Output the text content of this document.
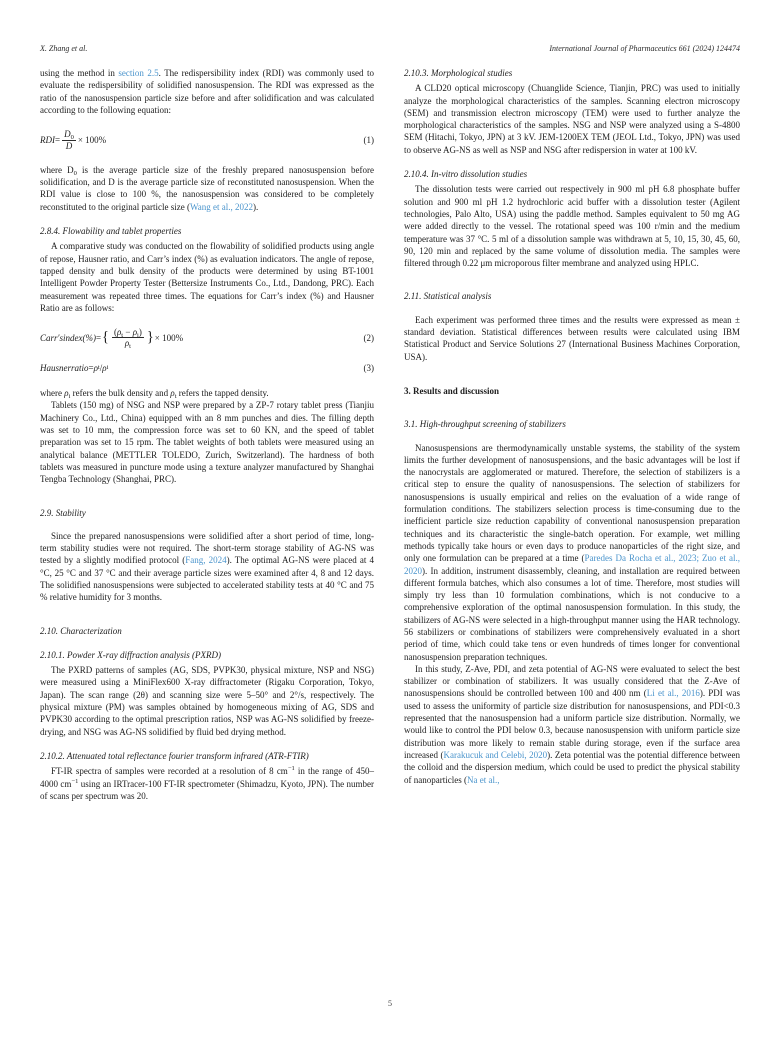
X. Zhang et al.	International Journal of Pharmaceutics 661 (2024) 124474

using the method in section 2.5. The redispersibility index (RDI) was commonly used to evaluate the redispersibility of solidified nanosuspension. The RDI was expressed as the ratio of the nanosuspension particle size before and after solidification and was calculated according to the following equation:

RDI = $\frac{D_0}{D} \times 100\%$	(1)

where $D_0$ is the average particle size of the freshly prepared nanosuspension before solidification, and D is the average particle size of reconstituted nanosuspension. When the RDI value is close to 100 %, the nanosuspension was considered to be completely reconstituted to the original particle size (Wang et al., 2022).

2.8.4. Flowability and tablet properties

A comparative study was conducted on the flowability of solidified products using angle of repose, Hausner ratio, and Carr’s index (%) as evaluation indicators. The angle of repose, tapped density and bulk density of the products were determined by using BT-1001 Intelligent Powder Property Tester (Bettersize Instruments Co., Ltd., Dandong, PRC). Each measurement was repeated three times. The equations for Carr’s index (%) and Hausner Ratio are as follows:

Carr′sindex(%) = { $\frac{(\rho_t - \rho_i)}{\rho_t}$ } × 100%	(2)
Hausnerratio = ρ t / ρ i	(3)

where $\rho_i$ refers the bulk density and $\rho_t$ refers the tapped density.

Tablets (150 mg) of NSG and NSP were prepared by a ZP-7 rotary tablet press (Tianjiu Machinery Co., Ltd., China) equipped with an 8 mm punches and dies. The filling depth was set to 10 mm, the compression force was set to 60 KN, and the speed of tablet preparation was set to 15 rpm. The tablet weights of both tablets were measured using an analytical balance (METTLER TOLEDO, Zurich, Switzerland). The hardness of both tablets was measured in puncture mode using a texture analyzer manufactured by Shanghai Tengba Technology (Shanghai, PRC).

2.9. Stability

Since the prepared nanosuspensions were solidified after a short period of time, long-term stability studies were not required. The short-term storage stability of AG-NS was tested by a slightly modified protocol (Fang, 2024). The optimal AG-NS were placed at 4 °C, 25 °C and 37 °C and their average particle sizes were examined after 4, 8 and 12 days. The solidified nanosuspensions were subjected to accelerated stability tests at 40 °C and 75 % relative humidity for 3 months.

2.10. Characterization
2.10.1. Powder X-ray diffraction analysis (PXRD)

The PXRD patterns of samples (AG, SDS, PVPK30, physical mixture, NSP and NSG) were measured using a MiniFlex600 X-ray diffractometer (Rigaku Corporation, Tokyo, Japan). The scan range (2θ) and scanning size were 5–50° and 2°/s, respectively. The physical mixture (PM) was samples obtained by homogeneous mixing of AG, SDS and PVPK30 according to the optimal prescription ratios, NSP was AG-NS solidified by freeze-drying, and NSG was AG-NS solidified by fluid bed drying method.

2.10.2. Attenuated total reflectance fourier transform infrared (ATR-FTIR)

FT-IR spectra of samples were recorded at a resolution of 8 $cm^{-1}$ in the range of 450–4000 $cm^{-1}$ using an IRTracer-100 FT-IR spectrometer (Shimadzu, Kyoto, JPN). The number of scans per spectrum was 20.

2.10.3. Morphological studies

A CLD20 optical microscopy (Chuanglide Science, Tianjin, PRC) was used to initially analyze the morphological characteristics of the samples. Scanning electron microscopy (SEM) and transmission electron microscopy (TEM) were used to further analyze the morphological characteristics of the samples. NSG and NSP were analyzed using a S-4800 SEM (Hitachi, Tokyo, JPN) at 3 kV. JEM-1200EX TEM (JEOL Ltd., Tokyo, JPN) was used to observe AG-NS as well as NSP and NSG after redispersion in water at 100 kV.

2.10.4. In-vitro dissolution studies

The dissolution tests were carried out respectively in 900 ml pH 6.8 phosphate buffer solution and 900 ml pH 1.2 hydrochloric acid buffer with a dissolution tester (Agilent technologies, Palo Alto, USA) using the paddle method. Samples equivalent to 50 mg AG were added directly to the vessel. The rotational speed was 100 r/min and the medium temperature was 37 °C. 5 ml of a dissolution sample was withdrawn at 5, 10, 15, 30, 45, 60, 90, 120 min and replaced by the same volume of dissolution media. The samples were filtered through 0.22 μm microporous filter membrane and analyzed using HPLC.

2.11. Statistical analysis

Each experiment was performed three times and the results were expressed as mean ± standard deviation. Statistical differences between results were calculated using IBM Statistical Product and Service Solutions 27 (International Business Machines Corporation, USA).

3. Results and discussion
3.1. High-throughput screening of stabilizers

Nanosuspensions are thermodynamically unstable systems, the stability of the system limits the further development of nanosuspensions, and the basic advantages will be lost if the nanocrystals are agglomerated or matured. Therefore, the selection of stabilizers is a critical step to ensure the quality of nanosuspensions. The selection of stabilizers for nanosuspensions is usually empirical and relies on the evaluation of a wide range of formulation conditions. The stabilizers selection process is time-consuming due to the inefficient particle size reduction capability of conventional nanosuspension preparation techniques and its characteristic the single-batch operation. For example, wet milling methods typically take hours or even days to produce nanoparticles of the right size, and only one formulation can be prepared at a time (Paredes Da Rocha et al., 2023; Zuo et al., 2020). In addition, instrument disassembly, cleaning, and installation are required between different formula batches, which also consumes a lot of time. Therefore, most studies will simply try less than 10 formulation combinations, which is not conducive to a comprehensive exploration of the optimal nanosuspension formulation. In this study, the stabilizers of AG-NS were selected in a high-throughput manner using the HAR technology. 56 stabilizers or combinations of stabilizers were comprehensively evaluated in a short period of time, which could take tens or even hundreds of times longer for conventional nanosuspension preparation techniques.

In this study, Z-Ave, PDI, and zeta potential of AG-NS were evaluated to select the best stabilizer or combination of stabilizers. It was usually considered that the Z-Ave of nanosuspensions should be controlled between 100 and 400 nm (Li et al., 2016). PDI was used to assess the uniformity of particle size distribution for nanosuspensions, and PDI<0.3 represented that the nanosuspension had a uniform particle size distribution. Normally, we would like to control the PDI below 0.3, because nanosuspension with uniform particle size distribution was more likely to remain stable during storage, even if the surface area increased (Karakucuk and Celebi, 2020). Zeta potential was the potential difference between the colloid and the dispersion medium, which could be used to predict the physical stability of nanoparticles (Na et al.,

5
